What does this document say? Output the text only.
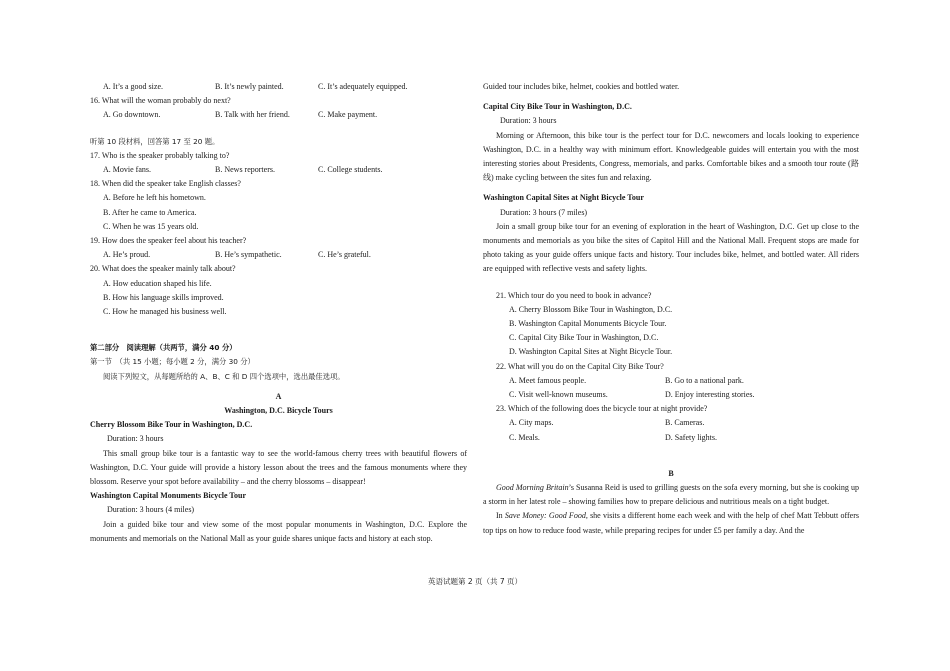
A. It’s a good size.	B. It’s newly painted.	C. It’s adequately equipped.
16. What will the woman probably do next?
A. Go downtown.	B. Talk with her friend.	C. Make payment.
听第 10 段材料，回答第 17 至 20 题。
17. Who is the speaker probably talking to?
A. Movie fans.	B. News reporters.	C. College students.
18. When did the speaker take English classes?
A. Before he left his hometown.
B. After he came to America.
C. When he was 15 years old.
19. How does the speaker feel about his teacher?
A. He’s proud.	B. He’s sympathetic.	C. He’s grateful.
20. What does the speaker mainly talk about?
A. How education shaped his life.
B. How his language skills improved.
C. How he managed his business well.
第二部分　阅读理解（共两节，满分 40 分）
第一节　（共 15 小题；每小题 2 分，满分 30 分）
阅读下列短文，从每题所给的 A、B、C 和 D 四个选项中，选出最佳选项。
A
Washington, D.C. Bicycle Tours
Cherry Blossom Bike Tour in Washington, D.C.
Duration: 3 hours
This small group bike tour is a fantastic way to see the world-famous cherry trees with beautiful flowers of Washington, D.C. Your guide will provide a history lesson about the trees and the famous monuments where they blossom. Reserve your spot before availability – and the cherry blossoms – disappear!
Washington Capital Monuments Bicycle Tour
Duration: 3 hours (4 miles)
Join a guided bike tour and view some of the most popular monuments in Washington, D.C. Explore the monuments and memorials on the National Mall as your guide shares unique facts and history at each stop.
Guided tour includes bike, helmet, cookies and bottled water.
Capital City Bike Tour in Washington, D.C.
Duration: 3 hours
Morning or Afternoon, this bike tour is the perfect tour for D.C. newcomers and locals looking to experience Washington, D.C. in a healthy way with minimum effort. Knowledgeable guides will entertain you with the most interesting stories about Presidents, Congress, memorials, and parks. Comfortable bikes and a smooth tour route (路线) make cycling between the sites fun and relaxing.
Washington Capital Sites at Night Bicycle Tour
Duration: 3 hours (7 miles)
Join a small group bike tour for an evening of exploration in the heart of Washington, D.C. Get up close to the monuments and memorials as you bike the sites of Capitol Hill and the National Mall. Frequent stops are made for photo taking as your guide offers unique facts and history. Tour includes bike, helmet, and bottled water. All riders are equipped with reflective vests and safety lights.
21. Which tour do you need to book in advance?
A. Cherry Blossom Bike Tour in Washington, D.C.
B. Washington Capital Monuments Bicycle Tour.
C. Capital City Bike Tour in Washington, D.C.
D. Washington Capital Sites at Night Bicycle Tour.
22. What will you do on the Capital City Bike Tour?
A. Meet famous people.	B. Go to a national park.
C. Visit well-known museums.	D. Enjoy interesting stories.
23. Which of the following does the bicycle tour at night provide?
A. City maps.	B. Cameras.
C. Meals.	D. Safety lights.
B
Good Morning Britain’s Susanna Reid is used to grilling guests on the sofa every morning, but she is cooking up a storm in her latest role – showing families how to prepare delicious and nutritious meals on a tight budget.
In Save Money: Good Food, she visits a different home each week and with the help of chef Matt Tebbutt offers top tips on how to reduce food waste, while preparing recipes for under £5 per family a day. And the
英语试题第 2 页（共 7 页）
